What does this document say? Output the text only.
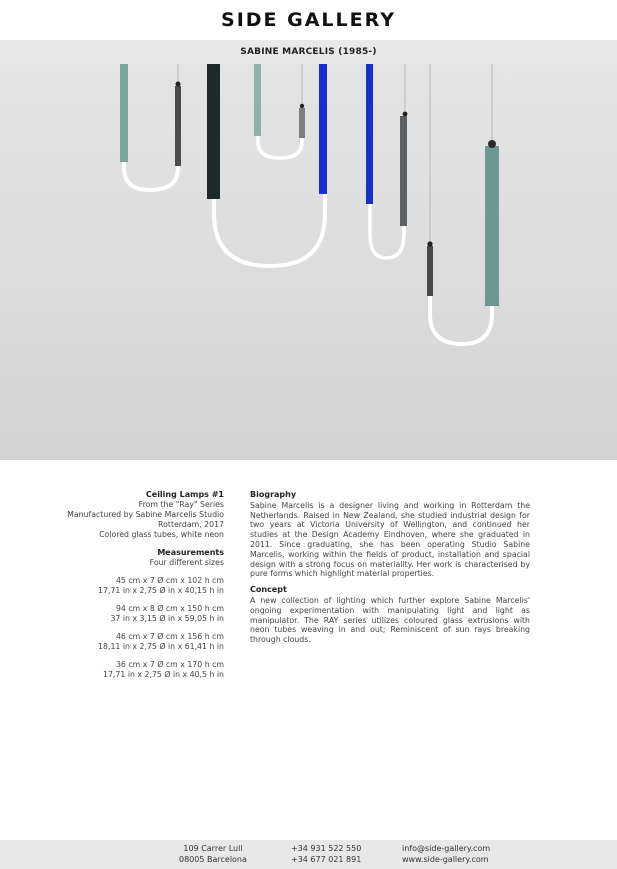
SIDE GALLERY
SABINE MARCELIS (1985-)
Ceiling Lamps #1
From the "Ray" Series
Manufactured by Sabine Marcelis Studio
Rotterdam, 2017
Colored glass tubes, white neon
Measurements
Four different sizes
45 cm x 7 Ø cm x 102 h cm
17,71 in x 2,75 Ø in x 40,15 h in
94 cm x 8 Ø cm x 150 h cm
37 in x 3,15 Ø in x 59,05 h in
46 cm x 7 Ø cm x 156 h cm
18,11 in x 2,75 Ø in x 61,41 h in
36 cm x 7 Ø cm x 170 h cm
17,71 in x 2,75 Ø in x 40,5 h in
Biography

Sabine Marcelis is a designer living and working in Rotterdam the Netherlands. Raised in New Zealand, she studied industrial design for two years at Victoria University of Wellington, and continued her studies at the Design Academy Eindhoven, where she graduated in 2011. Since graduating, she has been operating Studio Sabine Marcelis, working within the fields of product, installation and spacial design with a strong focus on materiality. Her work is characterised by pure forms which highlight material properties.

Concept

A new collection of lighting which further explore Sabine Marcelis' ongoing experimentation with manipulating light and light as manipulator. The RAY series utilizes coloured glass extrusions with neon tubes weaving in and out; Reminiscent of sun rays breaking through clouds.

109 Carrer Lull
08005 Barcelona
+34 931 522 550
+34 677 021 891
info@side-gallery.com
www.side-gallery.com
